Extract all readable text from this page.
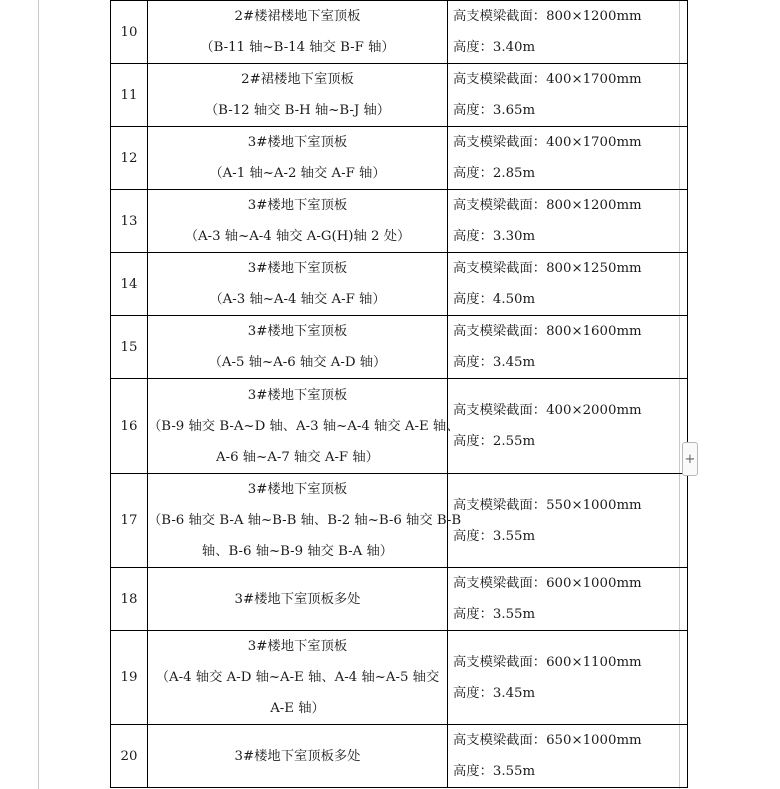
10	2#楼裙楼地下室顶板
（B-11 轴~B-14 轴交 B-F 轴）	高支模梁截面：800×1200mm
高度：3.40m

11	2#裙楼地下室顶板
（B-12 轴交 B-H 轴~B-J 轴）	高支模梁截面：400×1700mm
高度：3.65m

12	3#楼地下室顶板
（A-1 轴~A-2 轴交 A-F 轴）	高支模梁截面：400×1700mm
高度：2.85m

13	3#楼地下室顶板
（A-3 轴~A-4 轴交 A-G(H)轴 2 处）	高支模梁截面：800×1200mm
高度：3.30m

14	3#楼地下室顶板
（A-3 轴~A-4 轴交 A-F 轴）	高支模梁截面：800×1250mm
高度：4.50m

15	3#楼地下室顶板
（A-5 轴~A-6 轴交 A-D 轴）	高支模梁截面：800×1600mm
高度：3.45m

16	3#楼地下室顶板
（B-9 轴交 B-A~D 轴、A-3 轴~A-4 轴交 A-E 轴、
A-6 轴~A-7 轴交 A-F 轴）	高支模梁截面：400×2000mm
高度：2.55m

17	3#楼地下室顶板
（B-6 轴交 B-A 轴~B-B 轴、B-2 轴~B-6 轴交 B-B
轴、B-6 轴~B-9 轴交 B-A 轴）	高支模梁截面：550×1000mm
高度：3.55m

18	3#楼地下室顶板多处	高支模梁截面：600×1000mm
高度：3.55m

19	3#楼地下室顶板
（A-4 轴交 A-D 轴~A-E 轴、A-4 轴~A-5 轴交
A-E 轴）	高支模梁截面：600×1100mm
高度：3.45m

20	3#楼地下室顶板多处	高支模梁截面：650×1000mm
高度：3.55m
+
